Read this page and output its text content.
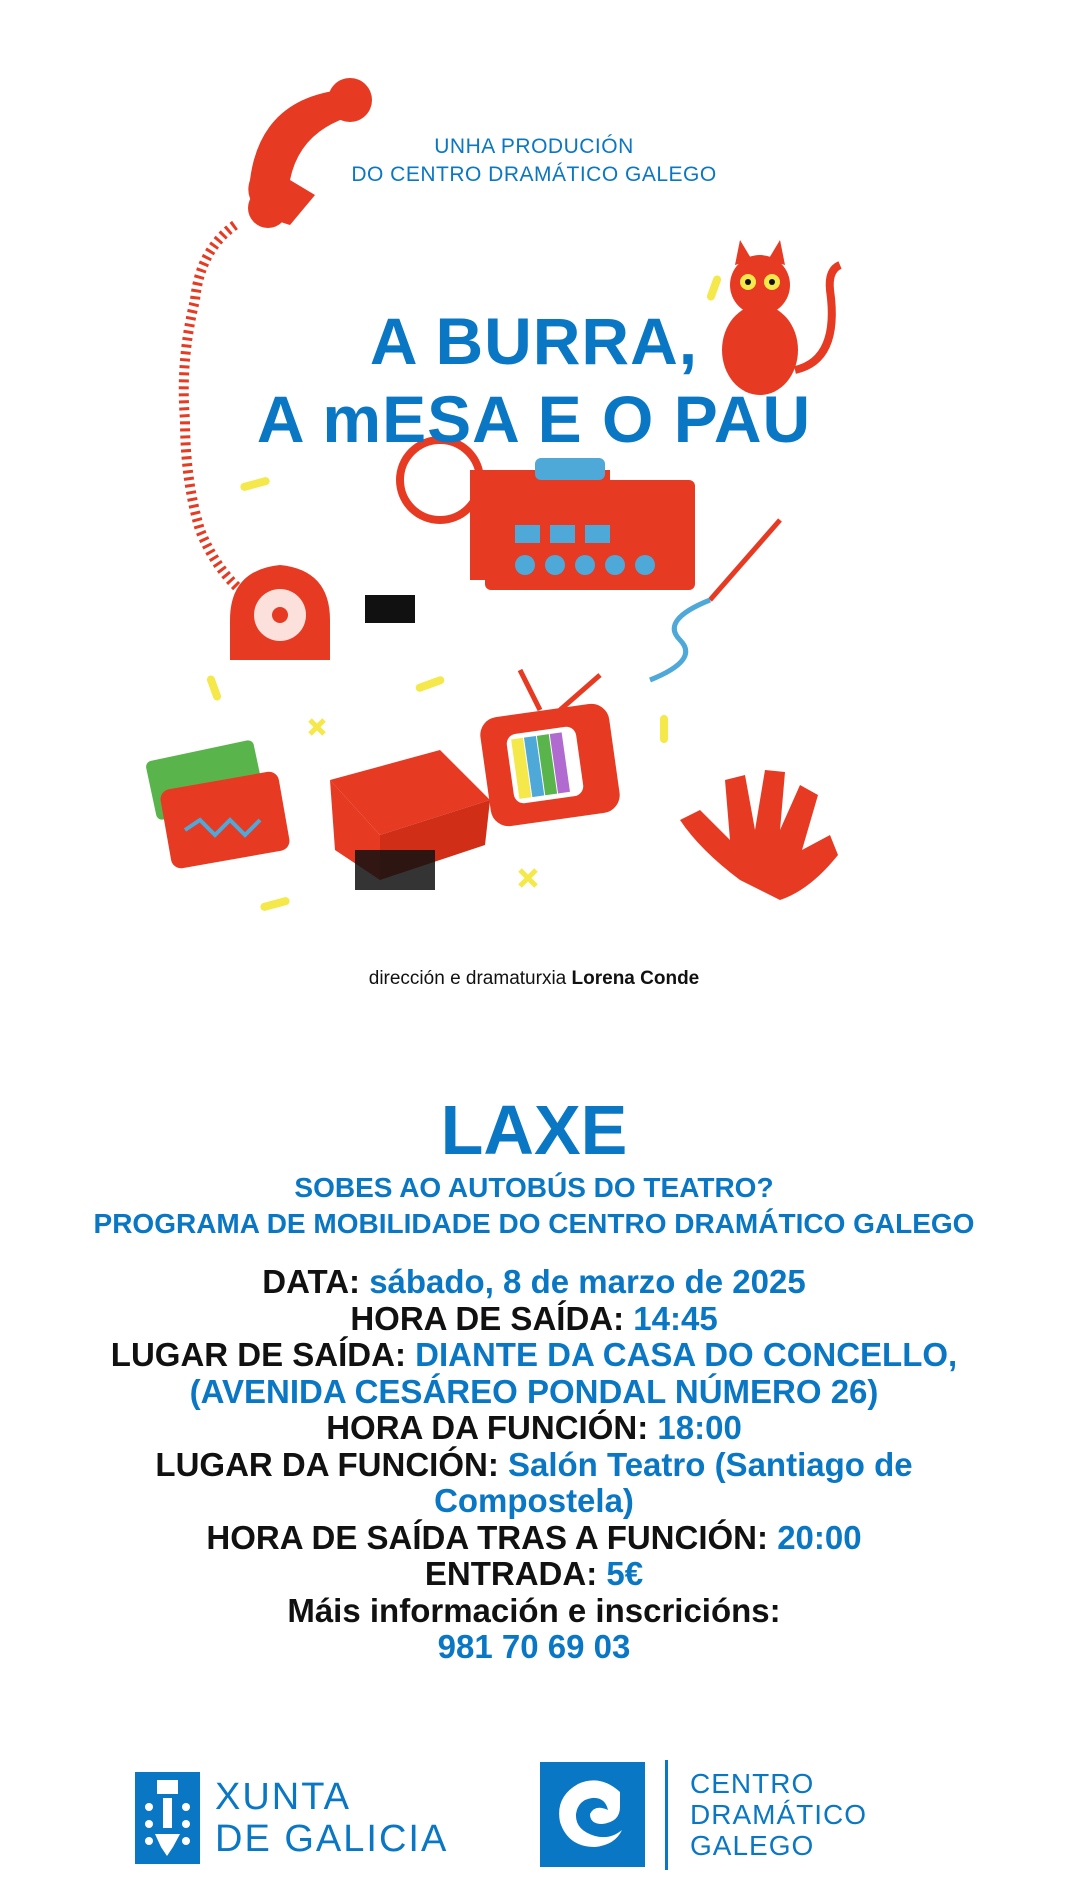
UNHA PRODUCIÓN
DO CENTRO DRAMÁTICO GALEGO
A BURRA,
A mESA E O PAU
dirección e dramaturxia Lorena Conde
LAXE
SOBES AO AUTOBÚS DO TEATRO?
PROGRAMA DE MOBILIDADE DO CENTRO DRAMÁTICO GALEGO
DATA: sábado, 8 de marzo de 2025
HORA DE SAÍDA: 14:45
LUGAR DE SAÍDA: DIANTE DA CASA DO CONCELLO,
(AVENIDA CESÁREO PONDAL NÚMERO 26)
HORA DA FUNCIÓN: 18:00
LUGAR DA FUNCIÓN: Salón Teatro (Santiago de
Compostela)
HORA DE SAÍDA TRAS A FUNCIÓN: 20:00
ENTRADA: 5€
Máis información e inscricións:
981 70 69 03
XUNTA
DE GALICIA
CENTRO
DRAMÁTICO
GALEGO
